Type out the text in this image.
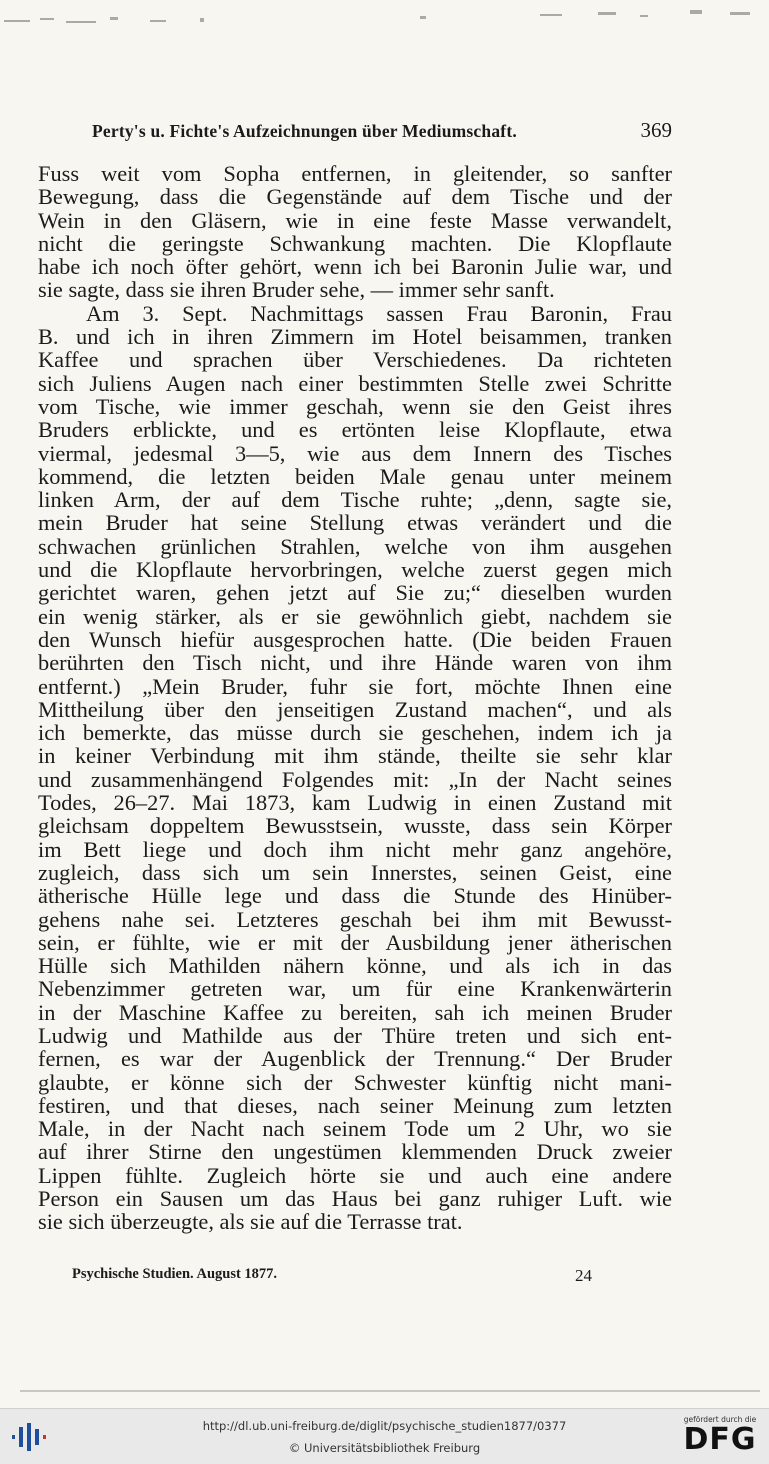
Perty's u. Fichte's Aufzeichnungen über Mediumschaft.	369
Fuss weit vom Sopha entfernen, in gleitender, so sanfter
Bewegung, dass die Gegenstände auf dem Tische und der
Wein in den Gläsern, wie in eine feste Masse verwandelt,
nicht die geringste Schwankung machten. Die Klopflaute
habe ich noch öfter gehört, wenn ich bei Baronin Julie war, und
sie sagte, dass sie ihren Bruder sehe, — immer sehr sanft.
Am 3. Sept. Nachmittags sassen Frau Baronin, Frau
B. und ich in ihren Zimmern im Hotel beisammen, tranken
Kaffee und sprachen über Verschiedenes. Da richteten
sich Juliens Augen nach einer bestimmten Stelle zwei Schritte
vom Tische, wie immer geschah, wenn sie den Geist ihres
Bruders erblickte, und es ertönten leise Klopflaute, etwa
viermal, jedesmal 3—5, wie aus dem Innern des Tisches
kommend, die letzten beiden Male genau unter meinem
linken Arm, der auf dem Tische ruhte; „denn, sagte sie,
mein Bruder hat seine Stellung etwas verändert und die
schwachen grünlichen Strahlen, welche von ihm ausgehen
und die Klopflaute hervorbringen, welche zuerst gegen mich
gerichtet waren, gehen jetzt auf Sie zu;“ dieselben wurden
ein wenig stärker, als er sie gewöhnlich giebt, nachdem sie
den Wunsch hiefür ausgesprochen hatte. (Die beiden Frauen
berührten den Tisch nicht, und ihre Hände waren von ihm
entfernt.) „Mein Bruder, fuhr sie fort, möchte Ihnen eine
Mittheilung über den jenseitigen Zustand machen“, und als
ich bemerkte, das müsse durch sie geschehen, indem ich ja
in keiner Verbindung mit ihm stände, theilte sie sehr klar
und zusammenhängend Folgendes mit: „In der Nacht seines
Todes, 26–27. Mai 1873, kam Ludwig in einen Zustand mit
gleichsam doppeltem Bewusstsein, wusste, dass sein Körper
im Bett liege und doch ihm nicht mehr ganz angehöre,
zugleich, dass sich um sein Innerstes, seinen Geist, eine
ätherische Hülle lege und dass die Stunde des Hinüber-
gehens nahe sei. Letzteres geschah bei ihm mit Bewusst-
sein, er fühlte, wie er mit der Ausbildung jener ätherischen
Hülle sich Mathilden nähern könne, und als ich in das
Nebenzimmer getreten war, um für eine Krankenwärterin
in der Maschine Kaffee zu bereiten, sah ich meinen Bruder
Ludwig und Mathilde aus der Thüre treten und sich ent-
fernen, es war der Augenblick der Trennung.“ Der Bruder
glaubte, er könne sich der Schwester künftig nicht mani-
festiren, und that dieses, nach seiner Meinung zum letzten
Male, in der Nacht nach seinem Tode um 2 Uhr, wo sie
auf ihrer Stirne den ungestümen klemmenden Druck zweier
Lippen fühlte. Zugleich hörte sie und auch eine andere
Person ein Sausen um das Haus bei ganz ruhiger Luft. wie
sie sich überzeugte, als sie auf die Terrasse trat.
Psychische Studien. August 1877.	24
http://dl.ub.uni-freiburg.de/diglit/psychische_studien1877/0377
© Universitätsbibliothek Freiburg
gefördert durch die
DFG
